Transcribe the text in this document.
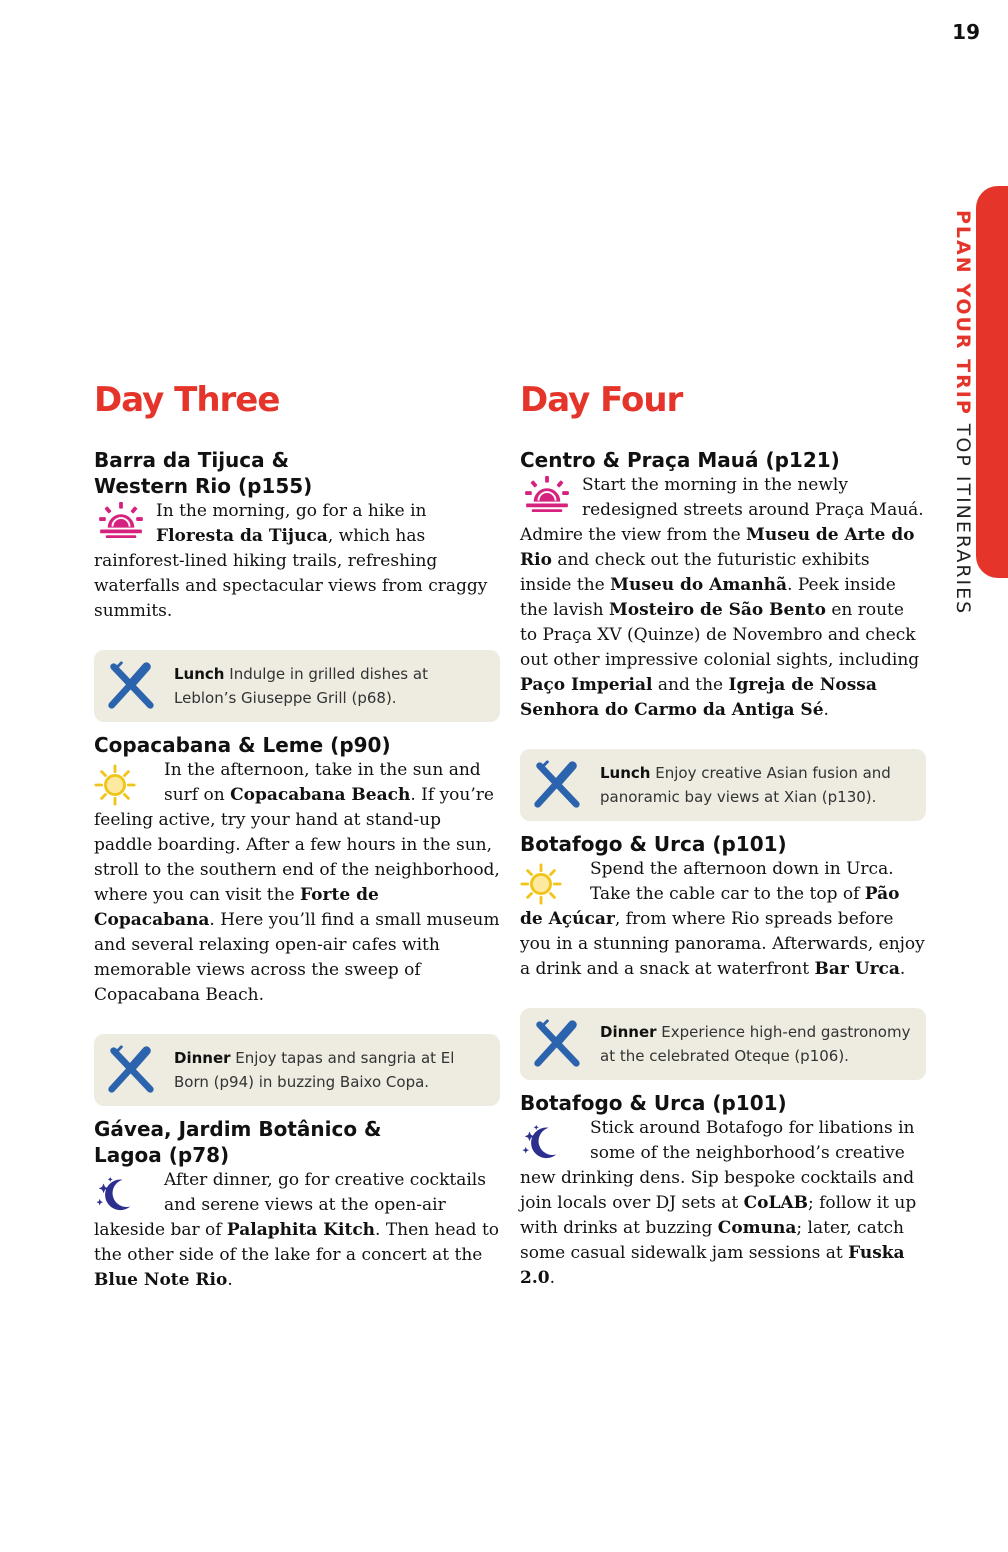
19
PLAN YOUR TRIP TOP ITINERARIES
Day Three
Barra da Tijuca &
Western Rio (p155)

In the morning, go for a hike in Floresta da Tijuca, which has rainforest-lined hiking trails, refreshing waterfalls and spectacular views from craggy summits.

Lunch Indulge in grilled dishes at Leblon’s Giuseppe Grill (p68).
Copacabana & Leme (p90)

In the afternoon, take in the sun and surf on Copacabana Beach. If you’re feeling active, try your hand at stand-up paddle boarding. After a few hours in the sun, stroll to the southern end of the neighborhood, where you can visit the Forte de Copacabana. Here you’ll find a small museum and several relaxing open-air cafes with memorable views across the sweep of Copacabana Beach.

Dinner Enjoy tapas and sangria at El Born (p94) in buzzing Baixo Copa.
Gávea, Jardim Botânico &
Lagoa (p78)

After dinner, go for creative cocktails and serene views at the open-air lakeside bar of Palaphita Kitch. Then head to the other side of the lake for a concert at the Blue Note Rio.

Day Four
Centro & Praça Mauá (p121)

Start the morning in the newly redesigned streets around Praça Mauá. Admire the view from the Museu de Arte do Rio and check out the futuristic exhibits inside the Museu do Amanhã. Peek inside the lavish Mosteiro de São Bento en route to Praça XV (Quinze) de Novembro and check out other impressive colonial sights, including Paço Imperial and the Igreja de Nossa Senhora do Carmo da Antiga Sé.

Lunch Enjoy creative Asian fusion and panoramic bay views at Xian (p130).
Botafogo & Urca (p101)

Spend the afternoon down in Urca. Take the cable car to the top of Pão de Açúcar, from where Rio spreads before you in a stunning panorama. Afterwards, enjoy a drink and a snack at waterfront Bar Urca.

Dinner Experience high-end gastronomy at the celebrated Oteque (p106).
Botafogo & Urca (p101)

Stick around Botafogo for libations in some of the neighborhood’s creative new drinking dens. Sip bespoke cocktails and join locals over DJ sets at CoLAB; follow it up with drinks at buzzing Comuna; later, catch some casual sidewalk jam sessions at Fuska 2.0.
